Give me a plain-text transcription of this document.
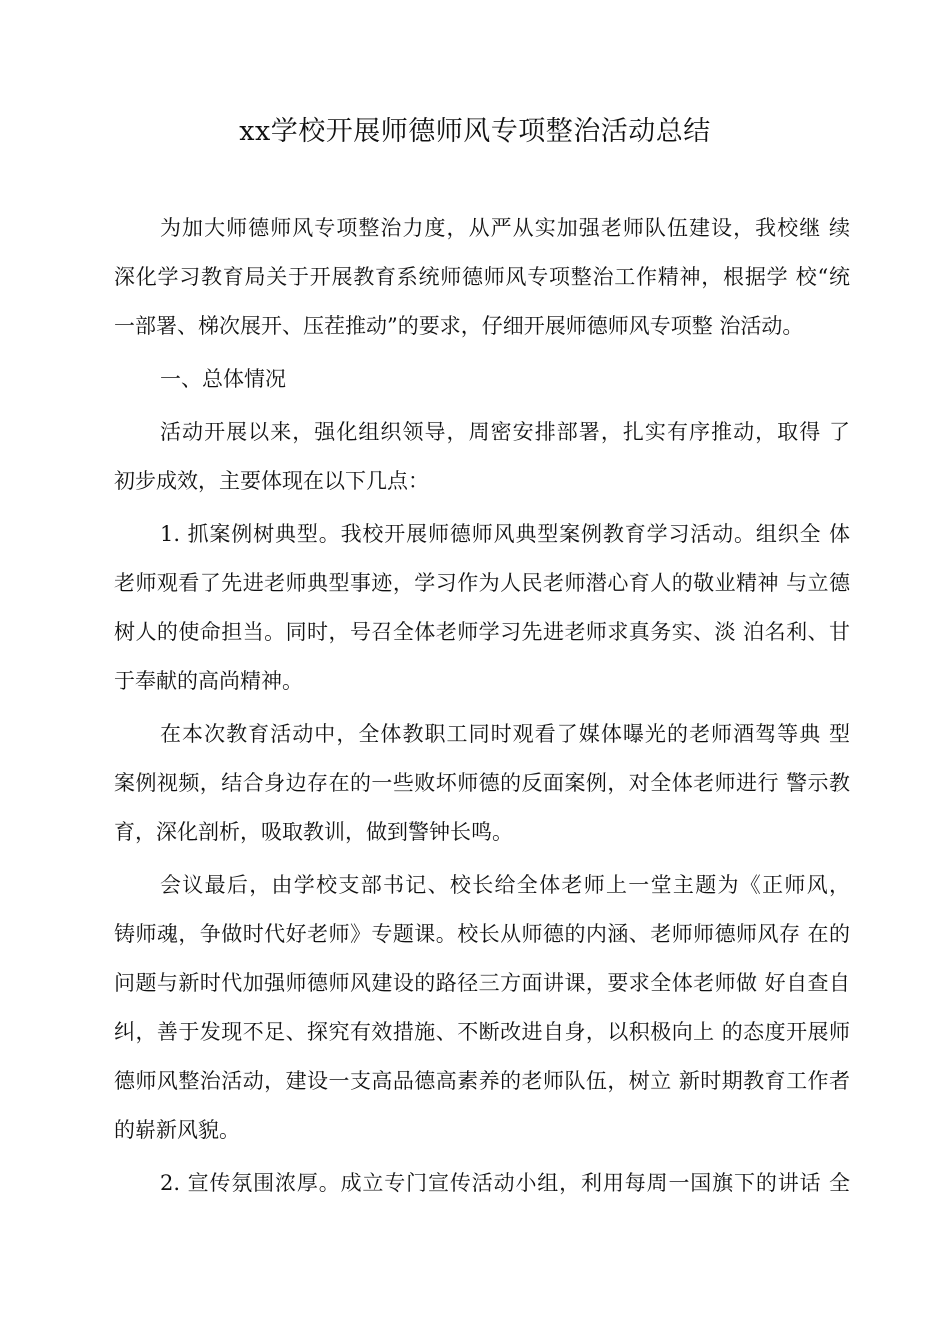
xx学校开展师德师风专项整治活动总结
为加大师德师风专项整治力度，从严从实加强老师队伍建设，我校继 续
深化学习教育局关于开展教育系统师德师风专项整治工作精神，根据学 校“统
一部署、梯次展开、压茬推动”的要求，仔细开展师德师风专项整 治活动。
一、总体情况
活动开展以来，强化组织领导，周密安排部署，扎实有序推动，取得 了
初步成效，主要体现在以下几点：
1. 抓案例树典型。我校开展师德师风典型案例教育学习活动。组织全 体
老师观看了先进老师典型事迹，学习作为人民老师潜心育人的敬业精神 与立德
树人的使命担当。同时，号召全体老师学习先进老师求真务实、淡 泊名利、甘
于奉献的高尚精神。
在本次教育活动中，全体教职工同时观看了媒体曝光的老师酒驾等典 型
案例视频，结合身边存在的一些败坏师德的反面案例，对全体老师进行 警示教
育，深化剖析，吸取教训，做到警钟长鸣。
会议最后，由学校支部书记、校长给全体老师上一堂主题为《正师风，
铸师魂，争做时代好老师》专题课。校长从师德的内涵、老师师德师风存 在的
问题与新时代加强师德师风建设的路径三方面讲课，要求全体老师做 好自查自
纠，善于发现不足、探究有效措施、不断改进自身，以积极向上 的态度开展师
德师风整治活动，建设一支高品德高素养的老师队伍，树立 新时期教育工作者
的崭新风貌。
2. 宣传氛围浓厚。成立专门宣传活动小组，利用每周一国旗下的讲话 全
